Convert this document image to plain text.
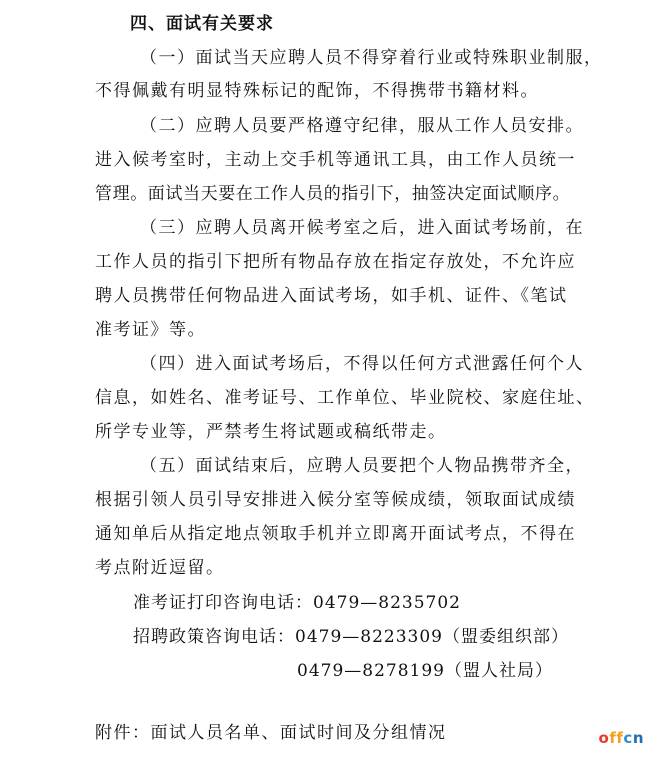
四、面试有关要求
（一）面试当天应聘人员不得穿着行业或特殊职业制服，
不得佩戴有明显特殊标记的配饰，不得携带书籍材料。
（二）应聘人员要严格遵守纪律，服从工作人员安排。
进入候考室时，主动上交手机等通讯工具，由工作人员统一
管理。面试当天要在工作人员的指引下，抽签决定面试顺序。
（三）应聘人员离开候考室之后，进入面试考场前，在
工作人员的指引下把所有物品存放在指定存放处，不允许应
聘人员携带任何物品进入面试考场，如手机、证件、《笔试
准考证》等。
（四）进入面试考场后，不得以任何方式泄露任何个人
信息，如姓名、准考证号、工作单位、毕业院校、家庭住址、
所学专业等，严禁考生将试题或稿纸带走。
（五）面试结束后，应聘人员要把个人物品携带齐全，
根据引领人员引导安排进入候分室等候成绩，领取面试成绩
通知单后从指定地点领取手机并立即离开面试考点，不得在
考点附近逗留。
准考证打印咨询电话：0479—8235702
招聘政策咨询电话：0479—8223309（盟委组织部）
0479—8278199（盟人社局）
附件：面试人员名单、面试时间及分组情况	offcn
